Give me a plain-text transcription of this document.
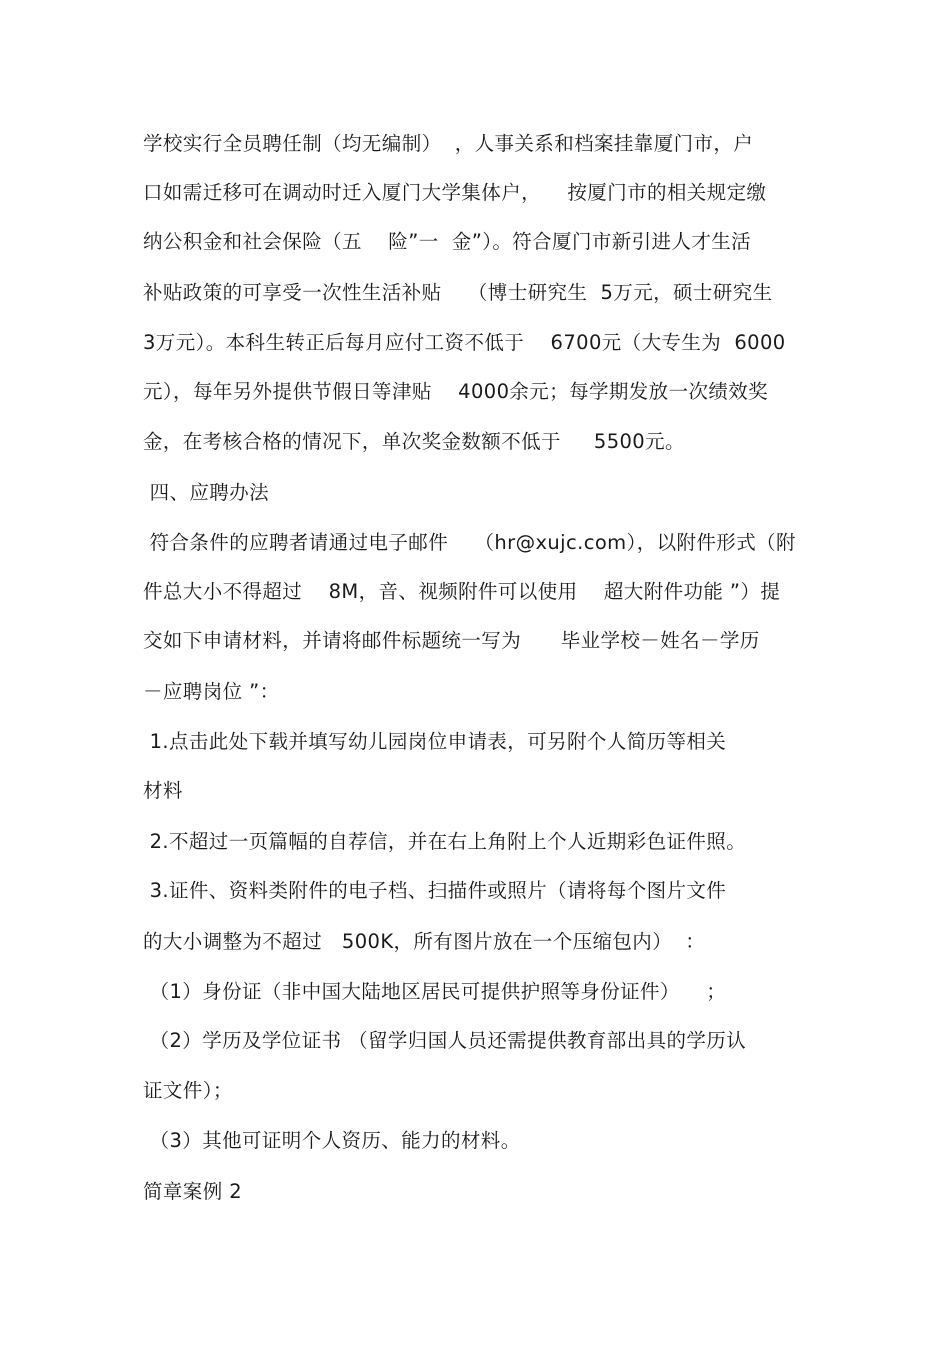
学校实行全员聘任制（均无编制）  ，人事关系和档案挂靠厦门市，户
口如需迁移可在调动时迁入厦门大学集体户，    按厦门市的相关规定缴
纳公积金和社会保险（五    险”一  金”）。符合厦门市新引进人才生活
补贴政策的可享受一次性生活补贴    （博士研究生  5万元，硕士研究生
3万元）。本科生转正后每月应付工资不低于    6700元（大专生为  6000
元），每年另外提供节假日等津贴    4000余元；每学期发放一次绩效奖
金，在考核合格的情况下，单次奖金数额不低于     5500元。
四、应聘办法
符合条件的应聘者请通过电子邮件    （hr@xujc.com），以附件形式（附
件总大小不得超过    8M，音、视频附件可以使用    超大附件功能 ”）提
交如下申请材料，并请将邮件标题统一写为      毕业学校－姓名－学历
－应聘岗位 ”：
1.点击此处下载并填写幼儿园岗位申请表，可另附个人简历等相关
材料
2.不超过一页篇幅的自荐信，并在右上角附上个人近期彩色证件照。
3.证件、资料类附件的电子档、扫描件或照片（请将每个图片文件
的大小调整为不超过   500K，所有图片放在一个压缩包内）  ：
（1）身份证（非中国大陆地区居民可提供护照等身份证件）    ；
（2）学历及学位证书 （留学归国人员还需提供教育部出具的学历认
证文件）；
（3）其他可证明个人资历、能力的材料。
简章案例 2
